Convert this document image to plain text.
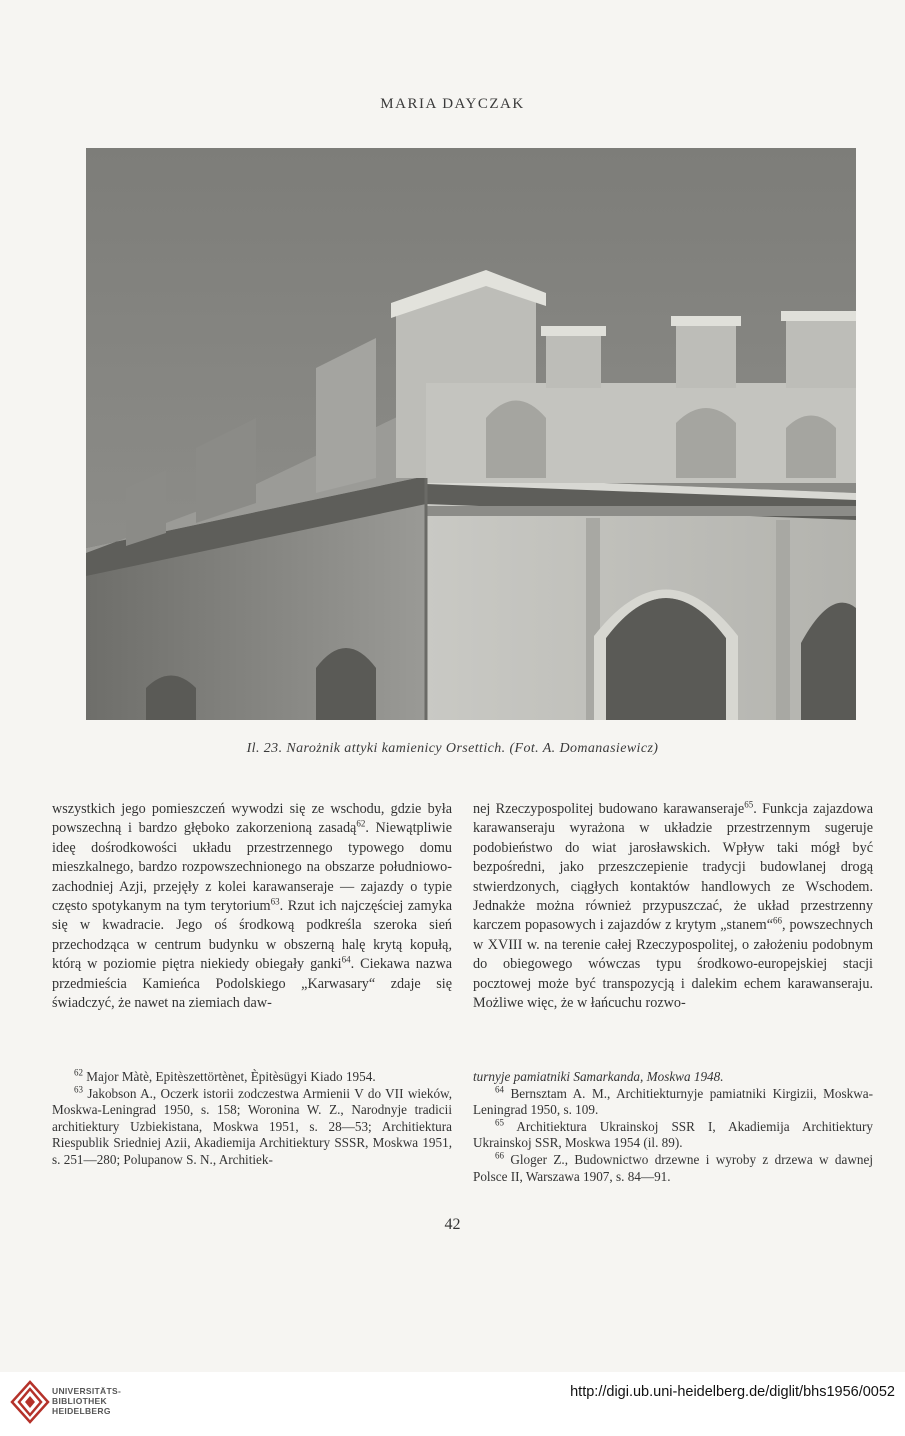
MARIA DAYCZAK
Il. 23. Narożnik attyki kamienicy Orsettich. (Fot. A. Domanasiewicz)

wszystkich jego pomieszczeń wywodzi się ze wschodu, gdzie była powszechną i bardzo głęboko zakorzenioną zasadą$^{62}$. Niewątpliwie ideę dośrodkowości układu przestrzennego typowego domu mieszkalnego, bardzo rozpowszechnionego na obszarze południowo-zachodniej Azji, przejęły z kolei karawanseraje — zajazdy o typie często spotykanym na tym terytorium$^{63}$. Rzut ich najczęściej zamyka się w kwadracie. Jego oś środkową podkreśla szeroka sień przechodząca w centrum budynku w obszerną halę krytą kopułą, którą w poziomie piętra niekiedy obiegały ganki$^{64}$. Ciekawa nazwa przedmieścia Kamieńca Podolskiego „Karwasary“ zdaje się świadczyć, że nawet na ziemiach daw-

nej Rzeczypospolitej budowano karawanseraje$^{65}$. Funkcja zajazdowa karawanseraju wyrażona w układzie przestrzennym sugeruje podobieństwo do wiat jarosławskich. Wpływ taki mógł być bezpośredni, jako przeszczepienie tradycji budowlanej drogą stwierdzonych, ciągłych kontaktów handlowych ze Wschodem. Jednakże można również przypuszczać, że układ przestrzenny karczem popasowych i zajazdów z krytym „stanem“$^{66}$, powszechnych w XVIII w. na terenie całej Rzeczypospolitej, o założeniu podobnym do obiegowego wówczas typu środkowo-europejskiej stacji pocztowej może być transpozycją i dalekim echem karawanseraju. Możliwe więc, że w łańcuchu rozwo-

$^{62}$ Major Màtè, Epitèszettörtènet, Èpitèsügyi Kiado 1954.

$^{63}$ Jakobson A., Oczerk istorii zodczestwa Armienii V do VII wieków, Moskwa-Leningrad 1950, s. 158; Woronina W. Z., Narodnyje tradicii architiektury Uzbiekistana, Moskwa 1951, s. 28—53; Architiektura Riespublik Sriedniej Azii, Akadiemija Architiektury SSSR, Moskwa 1951, s. 251—280; Polupanow S. N., Architiek-

turnyje pamiatniki Samarkanda, Moskwa 1948.

$^{64}$ Bernsztam A. M., Architiekturnyje pamiatniki Kirgizii, Moskwa-Leningrad 1950, s. 109.

$^{65}$ Architiektura Ukrainskoj SSR I, Akadiemija Architiektury Ukrainskoj SSR, Moskwa 1954 (il. 89).

$^{66}$ Gloger Z., Budownictwo drzewne i wyroby z drzewa w dawnej Polsce II, Warszawa 1907, s. 84—91.

42
UNIVERSITÄTS-
BIBLIOTHEK
HEIDELBERG
http://digi.ub.uni-heidelberg.de/diglit/bhs1956/0052
